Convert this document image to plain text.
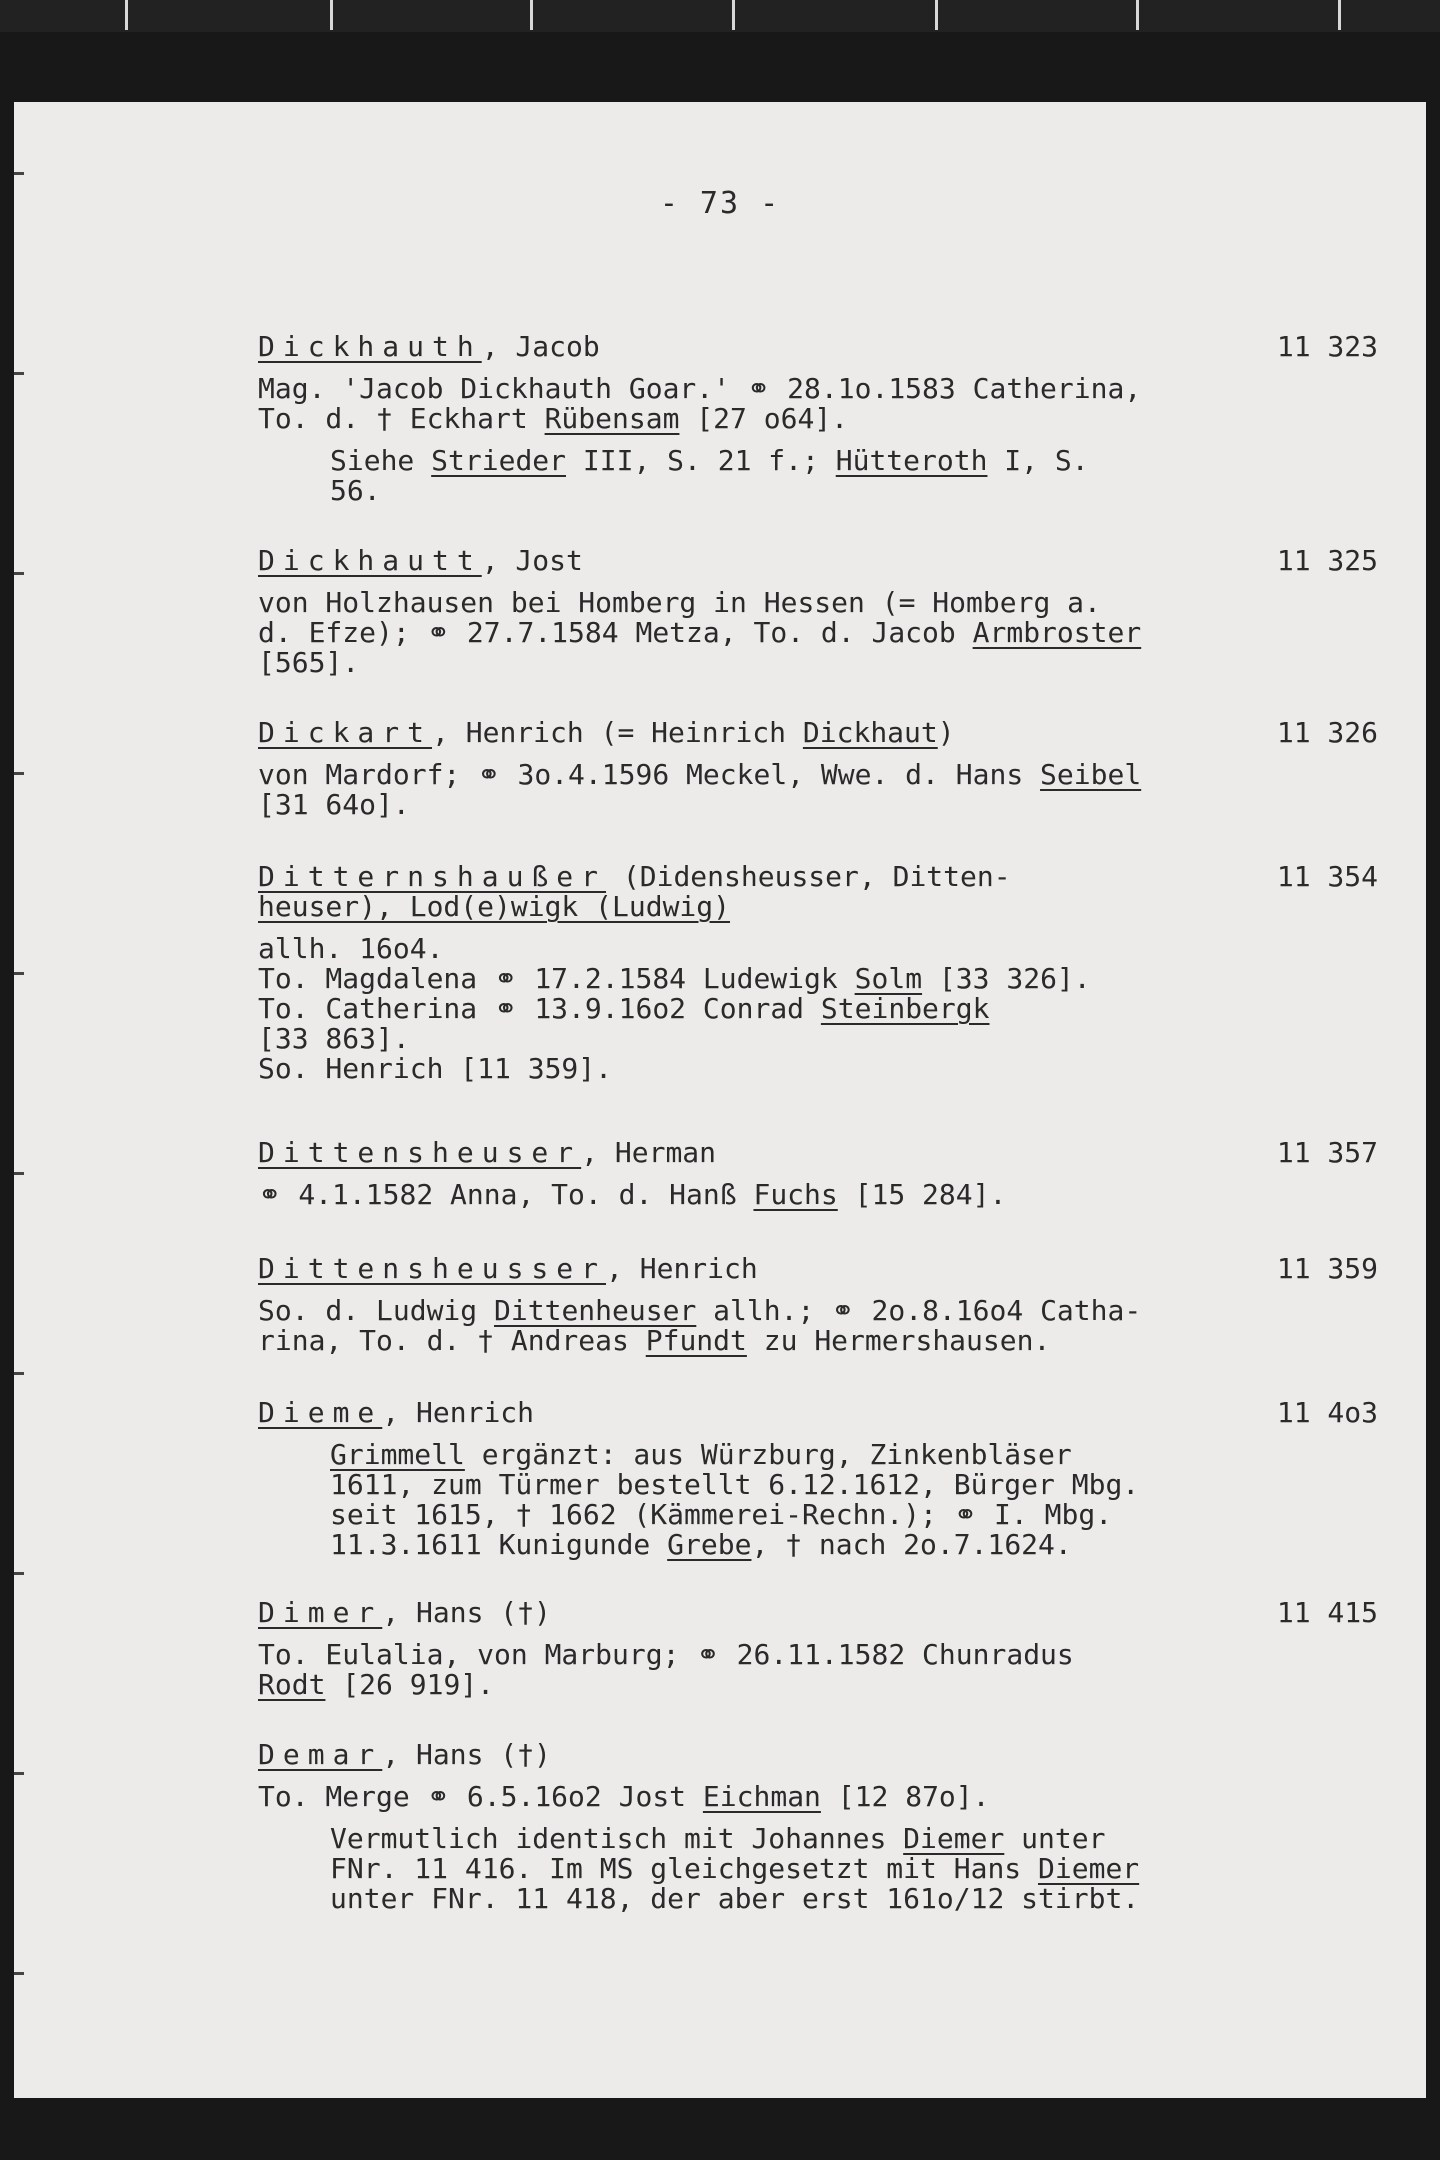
- 73 -
Dickhauth, Jacob	11 323
Mag. 'Jacob Dickhauth Goar.' ⚭ 28.1o.1583 Catherina,
To. d. † Eckhart Rübensam [27 o64].
Siehe Strieder III, S. 21 f.; Hütteroth I, S.
56.
Dickhautt, Jost	11 325
von Holzhausen bei Homberg in Hessen (= Homberg a.
d. Efze); ⚭ 27.7.1584 Metza, To. d. Jacob Armbroster
[565].
Dickart, Henrich (= Heinrich Dickhaut)	11 326
von Mardorf; ⚭ 3o.4.1596 Meckel, Wwe. d. Hans Seibel
[31 64o].
Ditternshaußer (Didensheusser, Ditten-	11 354
heuser), Lod(e)wigk (Ludwig)
allh. 16o4.
To. Magdalena ⚭ 17.2.1584 Ludewigk Solm [33 326].
To. Catherina ⚭ 13.9.16o2 Conrad Steinbergk
[33 863].
So. Henrich [11 359].
Dittensheuser, Herman	11 357
⚭ 4.1.1582 Anna, To. d. Hanß Fuchs [15 284].
Dittensheusser, Henrich	11 359
So. d. Ludwig Dittenheuser allh.; ⚭ 2o.8.16o4 Catha-
rina, To. d. † Andreas Pfundt zu Hermershausen.
Dieme, Henrich	11 4o3
Grimmell ergänzt: aus Würzburg, Zinkenbläser
1611, zum Türmer bestellt 6.12.1612, Bürger Mbg.
seit 1615, † 1662 (Kämmerei-Rechn.); ⚭ I. Mbg.
11.3.1611 Kunigunde Grebe, † nach 2o.7.1624.
Dimer, Hans (†)	11 415
To. Eulalia, von Marburg; ⚭ 26.11.1582 Chunradus
Rodt [26 919].
Demar, Hans (†)
To. Merge ⚭ 6.5.16o2 Jost Eichman [12 87o].
Vermutlich identisch mit Johannes Diemer unter
FNr. 11 416. Im MS gleichgesetzt mit Hans Diemer
unter FNr. 11 418, der aber erst 161o/12 stirbt.
